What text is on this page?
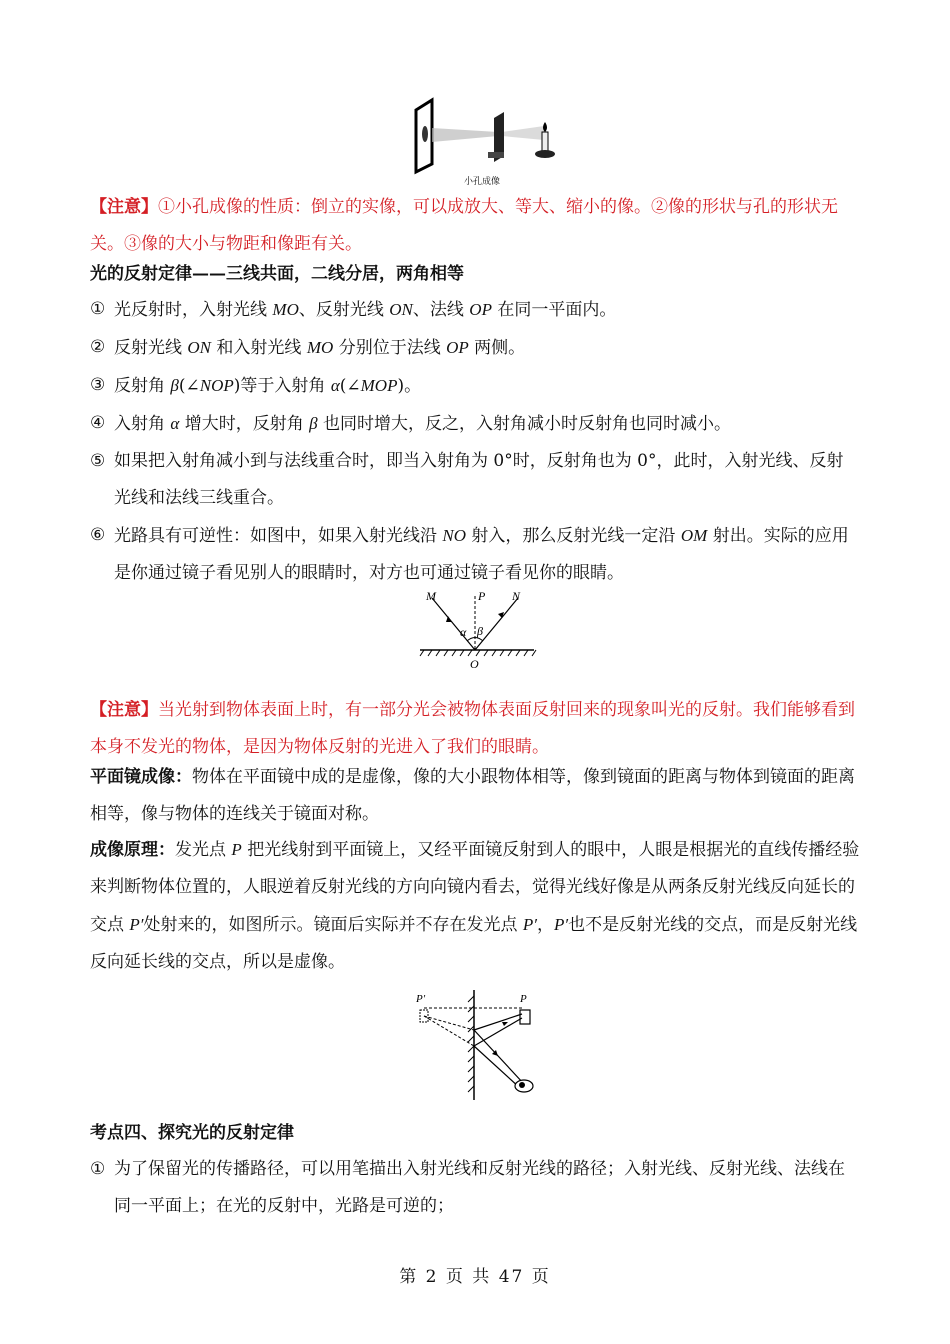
小孔成像

【注意】①小孔成像的性质：倒立的实像，可以成放大、等大、缩小的像。②像的形状与孔的形状无关。③像的大小与物距和像距有关。

光的反射定律——三线共面，二线分居，两角相等

① 光反射时，入射光线 MO、反射光线 ON、法线 OP 在同一平面内。
② 反射光线 ON 和入射光线 MO 分别位于法线 OP 两侧。
③ 反射角 β(∠NOP)等于入射角 α(∠MOP)。
④ 入射角 α 增大时，反射角 β 也同时增大，反之，入射角减小时反射角也同时减小。
⑤ 如果把入射角减小到与法线重合时，即当入射角为 0°时，反射角也为 0°，此时，入射光线、反射光线和法线三线重合。
⑥ 光路具有可逆性：如图中，如果入射光线沿 NO 射入，那么反射光线一定沿 OM 射出。实际的应用是你通过镜子看见别人的眼睛时，对方也可通过镜子看见你的眼睛。
M	P N
α β
O

【注意】当光射到物体表面上时，有一部分光会被物体表面反射回来的现象叫光的反射。我们能够看到本身不发光的物体，是因为物体反射的光进入了我们的眼睛。

平面镜成像：物体在平面镜中成的是虚像，像的大小跟物体相等，像到镜面的距离与物体到镜面的距离相等，像与物体的连线关于镜面对称。

成像原理：发光点 P 把光线射到平面镜上，又经平面镜反射到人的眼中，人眼是根据光的直线传播经验来判断物体位置的，人眼逆着反射光线的方向向镜内看去，觉得光线好像是从两条反射光线反向延长的交点 P′处射来的，如图所示。镜面后实际并不存在发光点 P′，P′也不是反射光线的交点，而是反射光线反向延长线的交点，所以是虚像。

P′	P

考点四、探究光的反射定律

① 为了保留光的传播路径，可以用笔描出入射光线和反射光线的路径；入射光线、反射光线、法线在同一平面上；在光的反射中，光路是可逆的；
第 2 页 共 47 页
